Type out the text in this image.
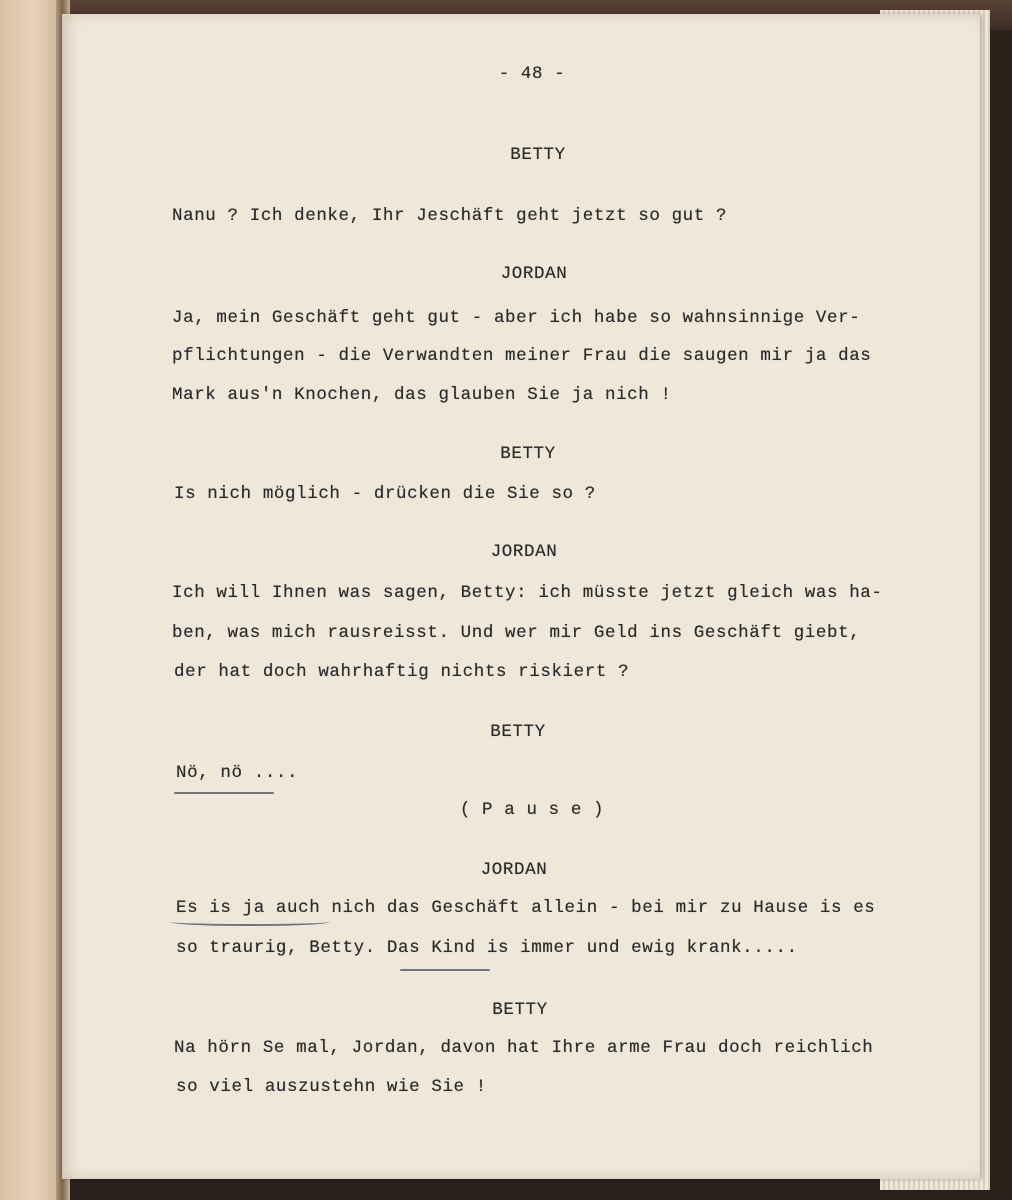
- 48 -
BETTY
Nanu ? Ich denke, Ihr Jeschäft geht jetzt so gut ?
JORDAN
Ja, mein Geschäft geht gut - aber ich habe so wahnsinnige Ver-
pflichtungen - die Verwandten meiner Frau die saugen mir ja das
Mark aus'n Knochen, das glauben Sie ja nich !
BETTY
Is nich möglich - drücken die Sie so ?
JORDAN
Ich will Ihnen was sagen, Betty: ich müsste jetzt gleich was ha-
ben, was mich rausreisst. Und wer mir Geld ins Geschäft giebt,
der hat doch wahrhaftig nichts riskiert ?
BETTY
Nö, nö ....
( P a u s e )
JORDAN
Es is ja auch nich das Geschäft allein - bei mir zu Hause is es
so traurig, Betty. Das Kind is immer und ewig krank.....
BETTY
Na hörn Se mal, Jordan, davon hat Ihre arme Frau doch reichlich
so viel auszustehn wie Sie !
